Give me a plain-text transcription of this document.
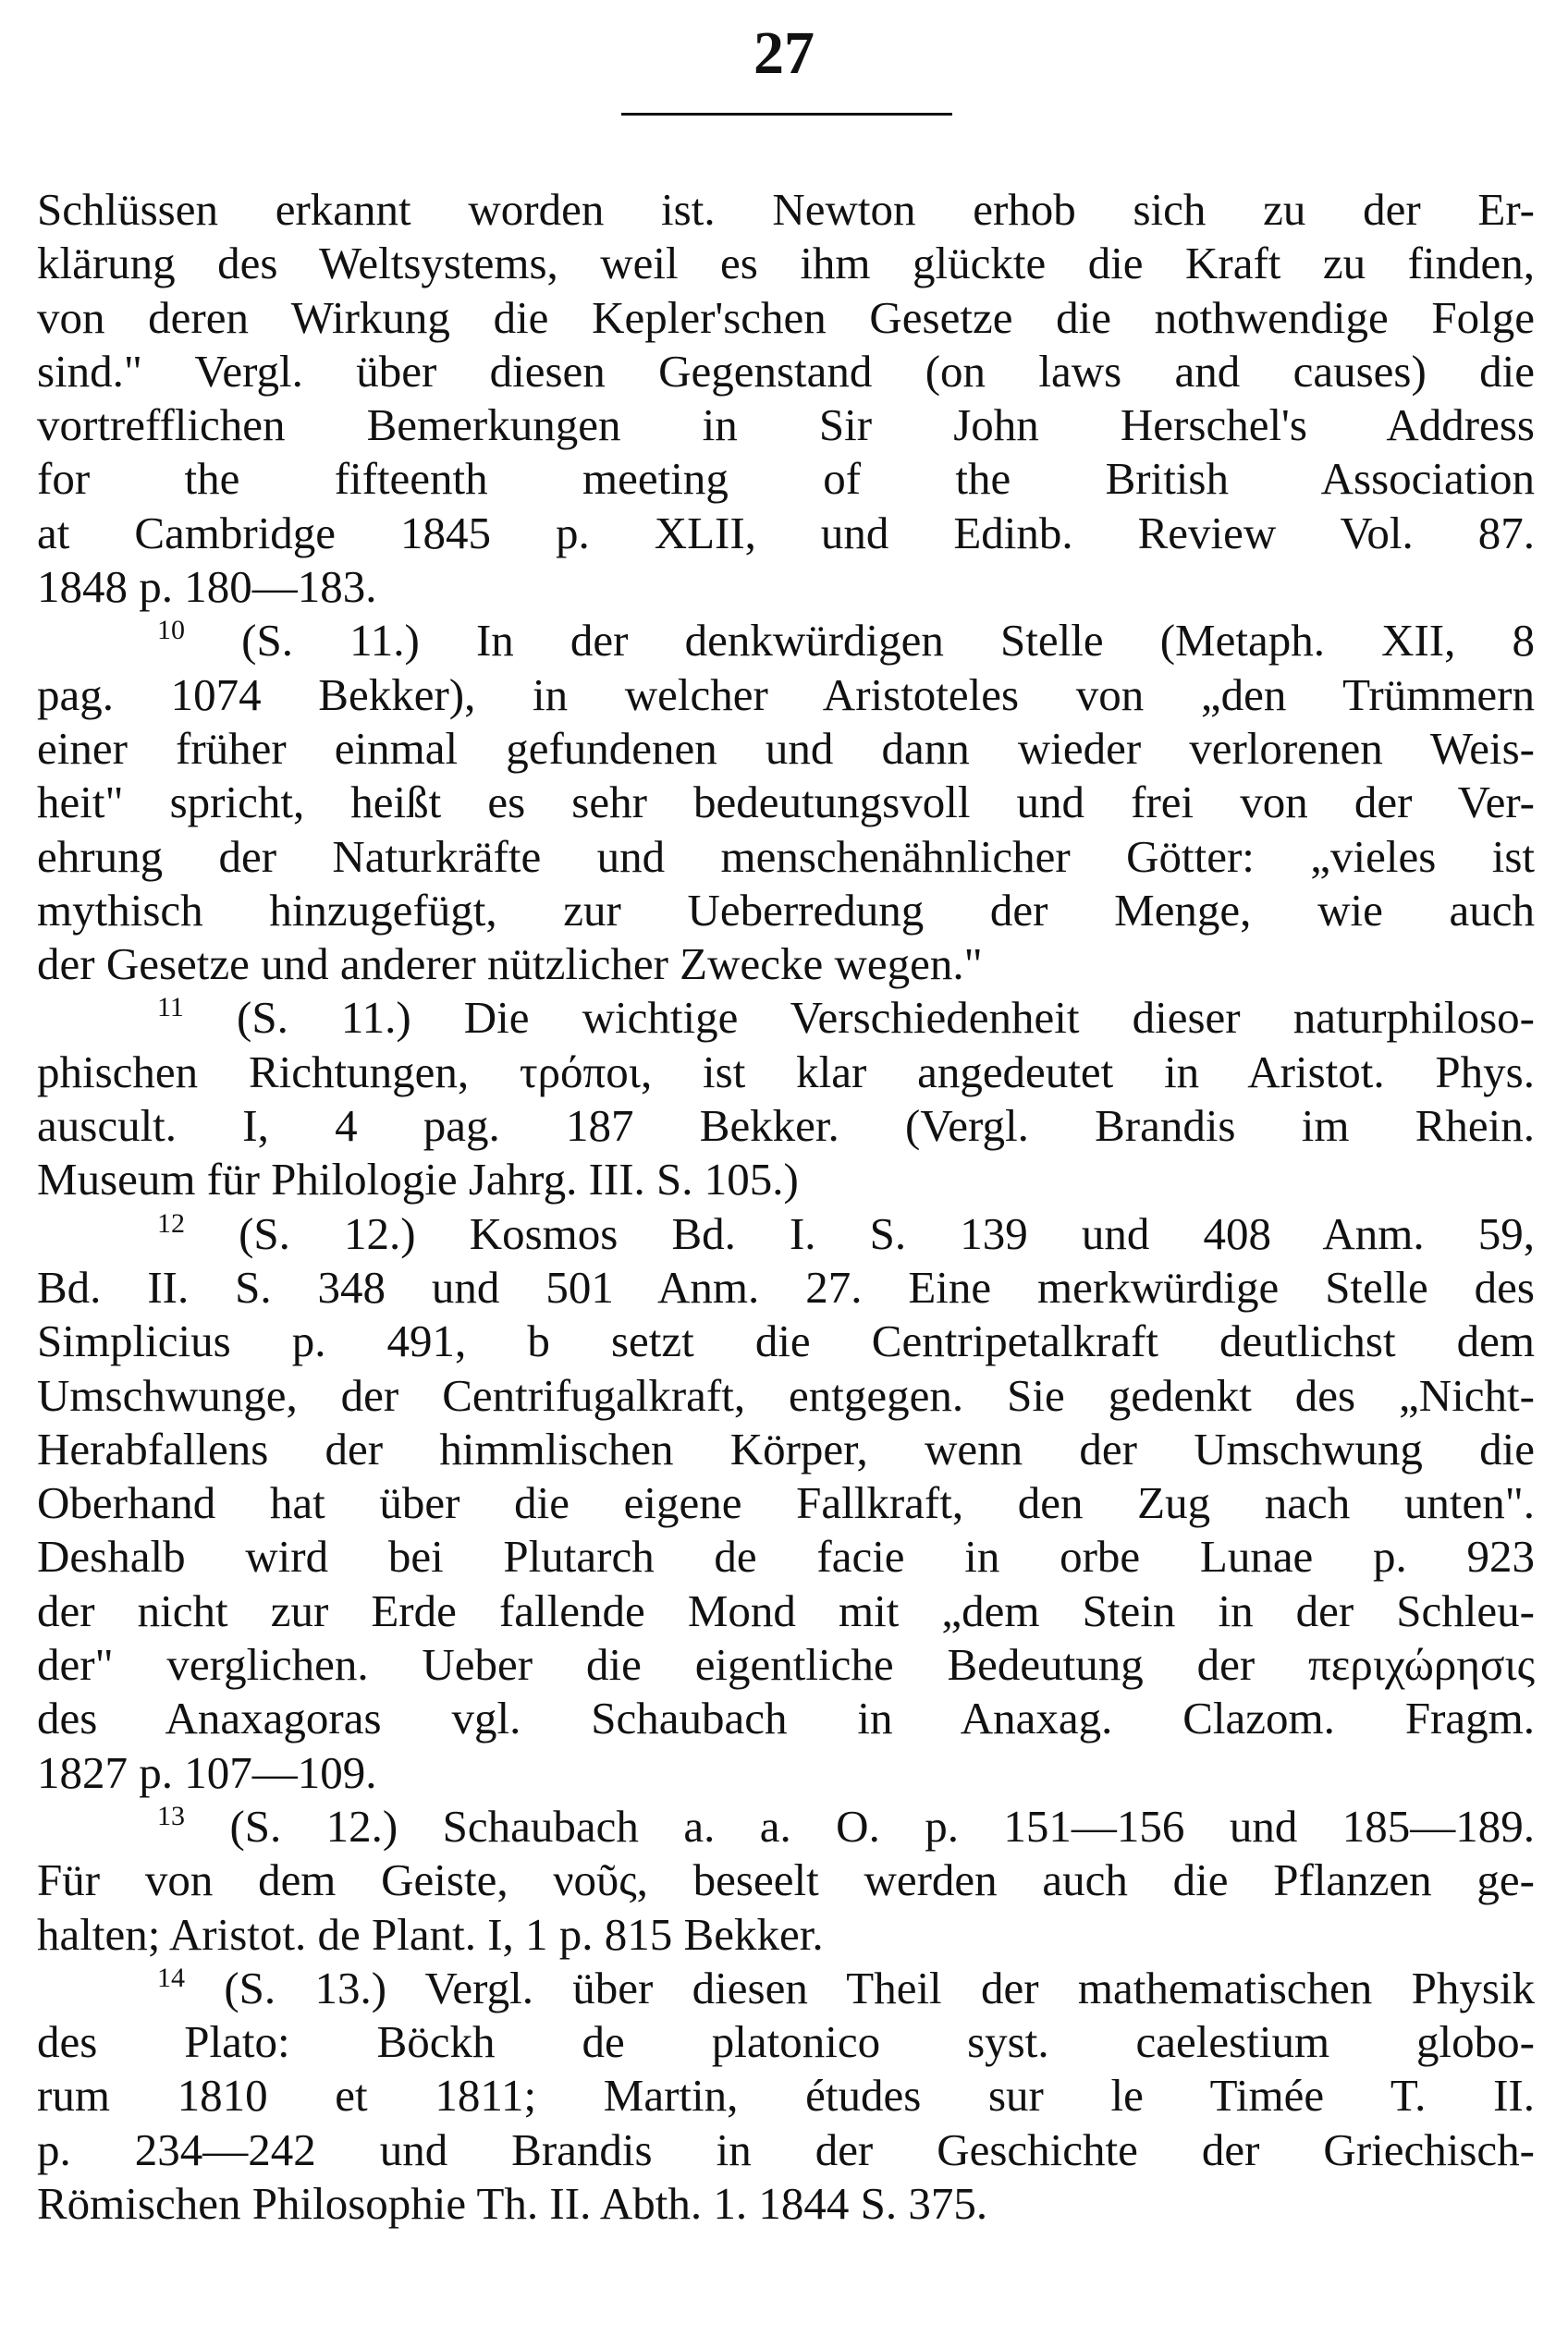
27
Schlüssen erkannt worden ist. Newton erhob sich zu der Er-
klärung des Weltsystems, weil es ihm glückte die Kraft zu finden,
von deren Wirkung die Kepler'schen Gesetze die nothwendige Folge
sind." Vergl. über diesen Gegenstand (on laws and causes) die
vortrefflichen Bemerkungen in Sir John Herschel's Address
for the fifteenth meeting of the British Association
at Cambridge 1845 p. XLII, und Edinb. Review Vol. 87.
1848 p. 180—183.
$^{10}$ (S. 11.) In der denkwürdigen Stelle (Metaph. XII, 8
pag. 1074 Bekker), in welcher Aristoteles von „den Trümmern
einer früher einmal gefundenen und dann wieder verlorenen Weis-
heit" spricht, heißt es sehr bedeutungsvoll und frei von der Ver-
ehrung der Naturkräfte und menschenähnlicher Götter: „vieles ist
mythisch hinzugefügt, zur Ueberredung der Menge, wie auch
der Gesetze und anderer nützlicher Zwecke wegen."
$^{11}$ (S. 11.) Die wichtige Verschiedenheit dieser naturphiloso-
phischen Richtungen, τρόποι, ist klar angedeutet in Aristot. Phys.
auscult. I, 4 pag. 187 Bekker. (Vergl. Brandis im Rhein.
Museum für Philologie Jahrg. III. S. 105.)
$^{12}$ (S. 12.) Kosmos Bd. I. S. 139 und 408 Anm. 59,
Bd. II. S. 348 und 501 Anm. 27. Eine merkwürdige Stelle des
Simplicius p. 491, b setzt die Centripetalkraft deutlichst dem
Umschwunge, der Centrifugalkraft, entgegen. Sie gedenkt des „Nicht-
Herabfallens der himmlischen Körper, wenn der Umschwung die
Oberhand hat über die eigene Fallkraft, den Zug nach unten".
Deshalb wird bei Plutarch de facie in orbe Lunae p. 923
der nicht zur Erde fallende Mond mit „dem Stein in der Schleu-
der" verglichen. Ueber die eigentliche Bedeutung der περιχώρησις
des Anaxagoras vgl. Schaubach in Anaxag. Clazom. Fragm.
1827 p. 107—109.
$^{13}$ (S. 12.) Schaubach a. a. O. p. 151—156 und 185—189.
Für von dem Geiste, νοῦς, beseelt werden auch die Pflanzen ge-
halten; Aristot. de Plant. I, 1 p. 815 Bekker.
$^{14}$ (S. 13.) Vergl. über diesen Theil der mathematischen Physik
des Plato: Böckh de platonico syst. caelestium globo-
rum 1810 et 1811; Martin, études sur le Timée T. II.
p. 234—242 und Brandis in der Geschichte der Griechisch-
Römischen Philosophie Th. II. Abth. 1. 1844 S. 375.
